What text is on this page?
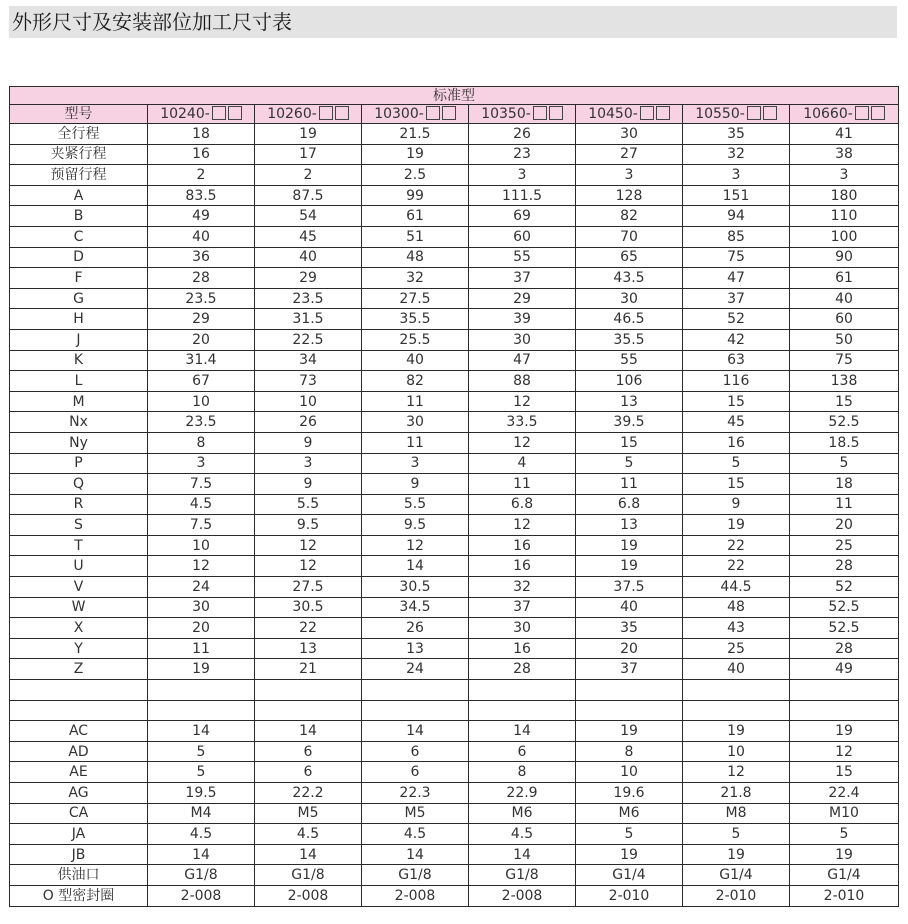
外形尺寸及安装部位加工尺寸表
标准型							
型号	10240-	10260-	10300-	10350-	10450-	10550-	10660-
全行程	18	19	21.5	26	30	35	41
夹紧行程	16	17	19	23	27	32	38
预留行程	2	2	2.5	3	3	3	3
A	83.5	87.5	99	111.5	128	151	180
B	49	54	61	69	82	94	110
C	40	45	51	60	70	85	100
D	36	40	48	55	65	75	90
F	28	29	32	37	43.5	47	61
G	23.5	23.5	27.5	29	30	37	40
H	29	31.5	35.5	39	46.5	52	60
J	20	22.5	25.5	30	35.5	42	50
K	31.4	34	40	47	55	63	75
L	67	73	82	88	106	116	138
M	10	10	11	12	13	15	15
Nx	23.5	26	30	33.5	39.5	45	52.5
Ny	8	9	11	12	15	16	18.5
P	3	3	3	4	5	5	5
Q	7.5	9	9	11	11	15	18
R	4.5	5.5	5.5	6.8	6.8	9	11
S	7.5	9.5	9.5	12	13	19	20
T	10	12	12	16	19	22	25
U	12	12	14	16	19	22	28
V	24	27.5	30.5	32	37.5	44.5	52
W	30	30.5	34.5	37	40	48	52.5
X	20	22	26	30	35	43	52.5
Y	11	13	13	16	20	25	28
Z	19	21	24	28	37	40	49

AC	14	14	14	14	19	19	19
AD	5	6	6	6	8	10	12
AE	5	6	6	8	10	12	15
AG	19.5	22.2	22.3	22.9	19.6	21.8	22.4
CA	M4	M5	M5	M6	M6	M8	M10
JA	4.5	4.5	4.5	4.5	5	5	5
JB	14	14	14	14	19	19	19
供油口	G1/8	G1/8	G1/8	G1/8	G1/4	G1/4	G1/4
O 型密封圈	2-008	2-008	2-008	2-008	2-010	2-010	2-010
